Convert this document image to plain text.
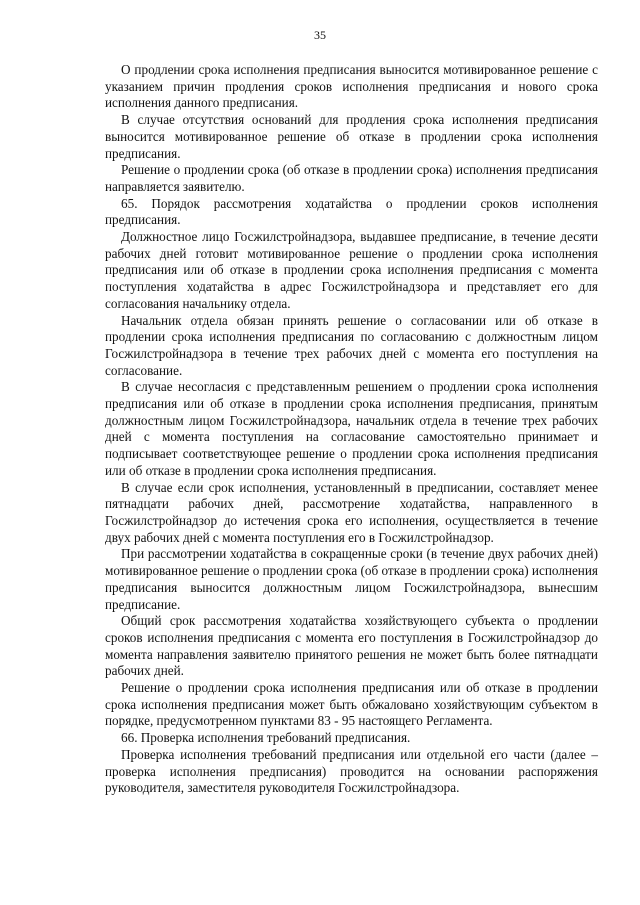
35

О продлении срока исполнения предписания выносится мотивированное решение с указанием причин продления сроков исполнения предписания и нового срока исполнения данного предписания.

В случае отсутствия оснований для продления срока исполнения предписания выносится мотивированное решение об отказе в продлении срока исполнения предписания.

Решение о продлении срока (об отказе в продлении срока) исполнения предписания направляется заявителю.

65. Порядок рассмотрения ходатайства о продлении сроков исполнения предписания.

Должностное лицо Госжилстройнадзора, выдавшее предписание, в течение десяти рабочих дней готовит мотивированное решение о продлении срока исполнения предписания или об отказе в продлении срока исполнения предписания с момента поступления ходатайства в адрес Госжилстройнадзора и представляет его для согласования начальнику отдела.

Начальник отдела обязан принять решение о согласовании или об отказе в продлении срока исполнения предписания по согласованию с должностным лицом Госжилстройнадзора в течение трех рабочих дней с момента его поступления на согласование.

В случае несогласия с представленным решением о продлении срока исполнения предписания или об отказе в продлении срока исполнения предписания, принятым должностным лицом Госжилстройнадзора, начальник отдела в течение трех рабочих дней с момента поступления на согласование самостоятельно принимает и подписывает соответствующее решение о продлении срока исполнения предписания или об отказе в продлении срока исполнения предписания.

В случае если срок исполнения, установленный в предписании, составляет менее пятнадцати рабочих дней, рассмотрение ходатайства, направленного в Госжилстройнадзор до истечения срока его исполнения, осуществляется в течение двух рабочих дней с момента поступления его в Госжилстройнадзор.

При рассмотрении ходатайства в сокращенные сроки (в течение двух рабочих дней) мотивированное решение о продлении срока (об отказе в продлении срока) исполнения предписания выносится должностным лицом Госжилстройнадзора, вынесшим предписание.

Общий срок рассмотрения ходатайства хозяйствующего субъекта о продлении сроков исполнения предписания с момента его поступления в Госжилстройнадзор до момента направления заявителю принятого решения не может быть более пятнадцати рабочих дней.

Решение о продлении срока исполнения предписания или об отказе в продлении срока исполнения предписания может быть обжаловано хозяйствующим субъектом в порядке, предусмотренном пунктами 83 - 95 настоящего Регламента.

66. Проверка исполнения требований предписания.

Проверка исполнения требований предписания или отдельной его части (далее – проверка исполнения предписания) проводится на основании распоряжения руководителя, заместителя руководителя Госжилстройнадзора.
